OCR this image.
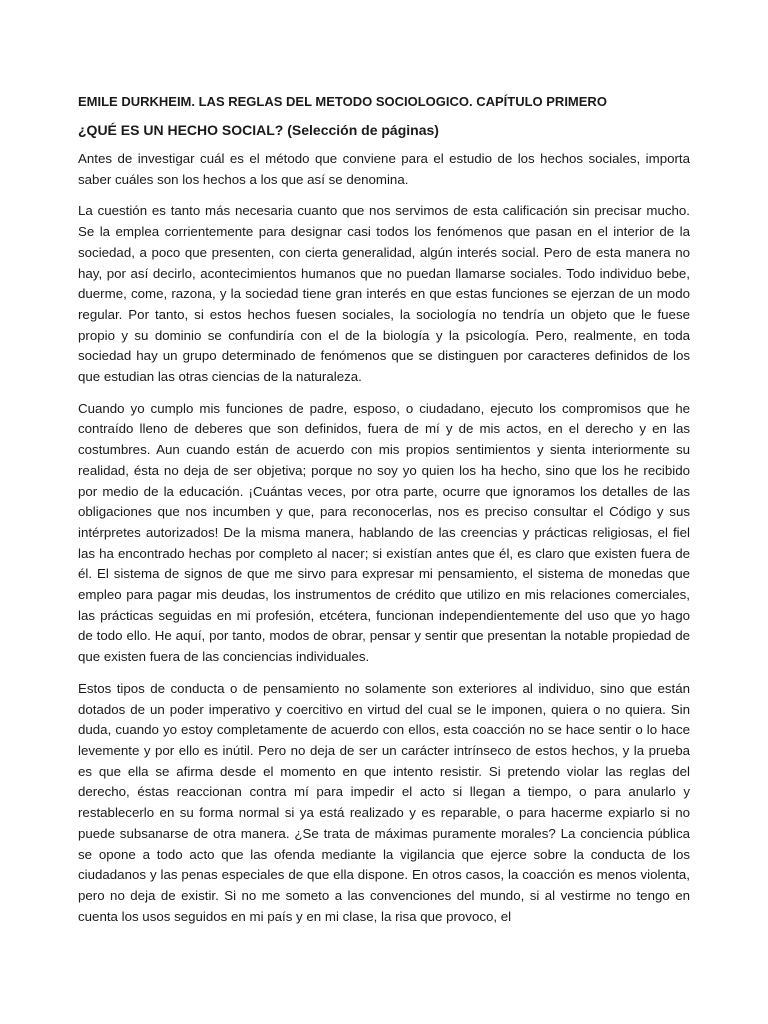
EMILE DURKHEIM. LAS REGLAS DEL METODO SOCIOLOGICO. CAPÍTULO PRIMERO
¿QUÉ ES UN HECHO SOCIAL? (Selección de páginas)

Antes de investigar cuál es el método que conviene para el estudio de los hechos sociales, importa saber cuáles son los hechos a los que así se denomina.

La cuestión es tanto más necesaria cuanto que nos servimos de esta calificación sin precisar mucho. Se la emplea corrientemente para designar casi todos los fenómenos que pasan en el interior de la sociedad, a poco que presenten, con cierta generalidad, algún interés social. Pero de esta manera no hay, por así decirlo, acontecimientos humanos que no puedan llamarse sociales. Todo individuo bebe, duerme, come, razona, y la sociedad tiene gran interés en que estas funciones se ejerzan de un modo regular. Por tanto, si estos hechos fuesen sociales, la sociología no tendría un objeto que le fuese propio y su dominio se confundiría con el de la biología y la psicología. Pero, realmente, en toda sociedad hay un grupo determinado de fenómenos que se distinguen por caracteres definidos de los que estudian las otras ciencias de la naturaleza.

Cuando yo cumplo mis funciones de padre, esposo, o ciudadano, ejecuto los compromisos que he contraído lleno de deberes que son definidos, fuera de mí y de mis actos, en el derecho y en las costumbres. Aun cuando están de acuerdo con mis propios sentimientos y sienta interiormente su realidad, ésta no deja de ser objetiva; porque no soy yo quien los ha hecho, sino que los he recibido por medio de la educación. ¡Cuántas veces, por otra parte, ocurre que ignoramos los detalles de las obligaciones que nos incumben y que, para reconocerlas, nos es preciso consultar el Código y sus intérpretes autorizados! De la misma manera, hablando de las creencias y prácticas religiosas, el fiel las ha encontrado hechas por completo al nacer; si existían antes que él, es claro que existen fuera de él. El sistema de signos de que me sirvo para expresar mi pensamiento, el sistema de monedas que empleo para pagar mis deudas, los instrumentos de crédito que utilizo en mis relaciones comerciales, las prácticas seguidas en mi profesión, etcétera, funcionan independientemente del uso que yo hago de todo ello. He aquí, por tanto, modos de obrar, pensar y sentir que presentan la notable propiedad de que existen fuera de las conciencias individuales.

Estos tipos de conducta o de pensamiento no solamente son exteriores al individuo, sino que están dotados de un poder imperativo y coercitivo en virtud del cual se le imponen, quiera o no quiera. Sin duda, cuando yo estoy completamente de acuerdo con ellos, esta coacción no se hace sentir o lo hace levemente y por ello es inútil. Pero no deja de ser un carácter intrínseco de estos hechos, y la prueba es que ella se afirma desde el momento en que intento resistir. Si pretendo violar las reglas del derecho, éstas reaccionan contra mí para impedir el acto si llegan a tiempo, o para anularlo y restablecerlo en su forma normal si ya está realizado y es reparable, o para hacerme expiarlo si no puede subsanarse de otra manera. ¿Se trata de máximas puramente morales? La conciencia pública se opone a todo acto que las ofenda mediante la vigilancia que ejerce sobre la conducta de los ciudadanos y las penas especiales de que ella dispone. En otros casos, la coacción es menos violenta, pero no deja de existir. Si no me someto a las convenciones del mundo, si al vestirme no tengo en cuenta los usos seguidos en mi país y en mi clase, la risa que provoco, el
